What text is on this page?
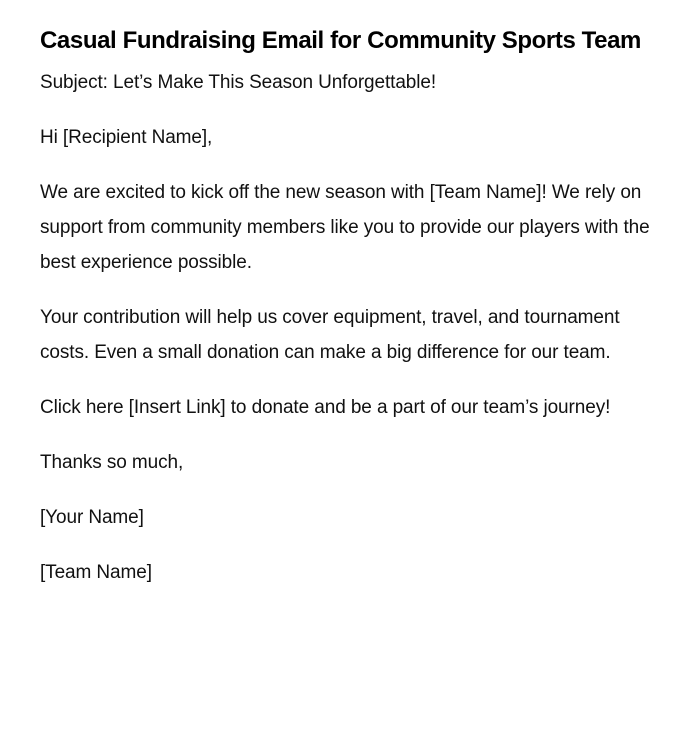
Casual Fundraising Email for Community Sports Team

Subject: Let’s Make This Season Unforgettable!

Hi [Recipient Name],

We are excited to kick off the new season with [Team Name]! We rely on support from community members like you to provide our players with the best experience possible.

Your contribution will help us cover equipment, travel, and tournament costs. Even a small donation can make a big difference for our team.

Click here [Insert Link] to donate and be a part of our team’s journey!

Thanks so much,

[Your Name]

[Team Name]
